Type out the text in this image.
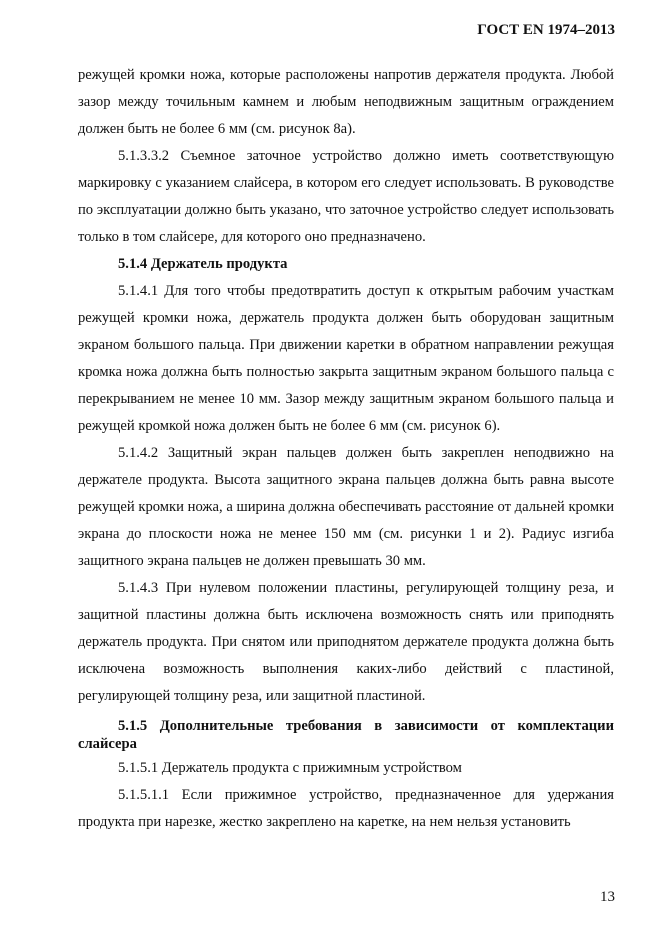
ГОСТ EN 1974–2013

режущей кромки ножа, которые расположены напротив держателя продукта. Любой зазор между точильным камнем и любым неподвижным защитным ограждением должен быть не более 6 мм (см. рисунок 8а).

5.1.3.3.2 Съемное заточное устройство должно иметь соответствующую маркировку с указанием слайсера, в котором его следует использовать. В руководстве по эксплуатации должно быть указано, что заточное устройство следует использовать только в том слайсере, для которого оно предназначено.

5.1.4 Держатель продукта

5.1.4.1 Для того чтобы предотвратить доступ к открытым рабочим участкам режущей кромки ножа, держатель продукта должен быть оборудован защитным экраном большого пальца. При движении каретки в обратном направлении режущая кромка ножа должна быть полностью закрыта защитным экраном большого пальца с перекрыванием не менее 10 мм. Зазор между защитным экраном большого пальца и режущей кромкой ножа должен быть не более 6 мм (см. рисунок 6).

5.1.4.2 Защитный экран пальцев должен быть закреплен неподвижно на держателе продукта. Высота защитного экрана пальцев должна быть равна высоте режущей кромки ножа, а ширина должна обеспечивать расстояние от дальней кромки экрана до плоскости ножа не менее 150 мм (см. рисунки 1 и 2). Радиус изгиба защитного экрана пальцев не должен превышать 30 мм.

5.1.4.3 При нулевом положении пластины, регулирующей толщину реза, и защитной пластины должна быть исключена возможность снять или приподнять держатель продукта. При снятом или приподнятом держателе продукта должна быть исключена возможность выполнения каких-либо действий с пластиной, регулирующей толщину реза, или защитной пластиной.

5.1.5 Дополнительные требования в зависимости от комплектации слайсера

5.1.5.1 Держатель продукта с прижимным устройством

5.1.5.1.1 Если прижимное устройство, предназначенное для удержания продукта при нарезке, жестко закреплено на каретке, на нем нельзя установить

13
